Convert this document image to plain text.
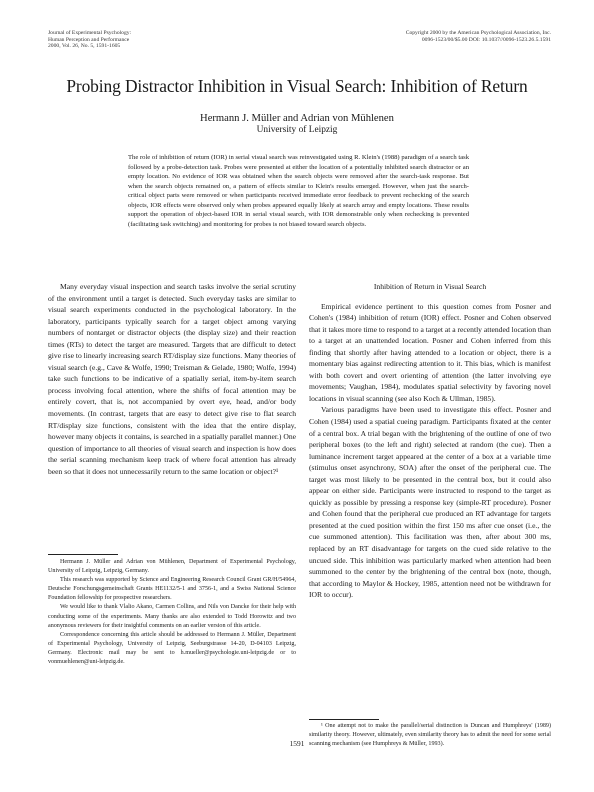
Journal of Experimental Psychology:
Human Perception and Performance
2000, Vol. 26, No. 5, 1591-1605
Copyright 2000 by the American Psychological Association, Inc.
0096-1523/00/$5.00 DOI: 10.1037//0096-1523.26.5.1591
Probing Distractor Inhibition in Visual Search: Inhibition of Return
Hermann J. Müller and Adrian von Mühlenen
University of Leipzig
The role of inhibition of return (IOR) in serial visual search was reinvestigated using R. Klein's (1988) paradigm of a search task followed by a probe-detection task. Probes were presented at either the location of a potentially inhibited search distractor or an empty location. No evidence of IOR was obtained when the search objects were removed after the search-task response. But when the search objects remained on, a pattern of effects similar to Klein's results emerged. However, when just the search-critical object parts were removed or when participants received immediate error feedback to prevent rechecking of the search objects, IOR effects were observed only when probes appeared equally likely at search array and empty locations. These results support the operation of object-based IOR in serial visual search, with IOR demonstrable only when rechecking is prevented (facilitating task switching) and monitoring for probes is not biased toward search objects.

Many everyday visual inspection and search tasks involve the serial scrutiny of the environment until a target is detected. Such everyday tasks are similar to visual search experiments conducted in the psychological laboratory. In the laboratory, participants typically search for a target object among varying numbers of nontarget or distractor objects (the display size) and their reaction times (RTs) to detect the target are measured. Targets that are difficult to detect give rise to linearly increasing search RT/display size functions. Many theories of visual search (e.g., Cave & Wolfe, 1990; Treisman & Gelade, 1980; Wolfe, 1994) take such functions to be indicative of a spatially serial, item-by-item search process involving focal attention, where the shifts of focal attention may be entirely covert, that is, not accompanied by overt eye, head, and/or body movements. (In contrast, targets that are easy to detect give rise to flat search RT/display size functions, consistent with the idea that the entire display, however many objects it contains, is searched in a spatially parallel manner.) One question of importance to all theories of visual search and inspection is how does the serial scanning mechanism keep track of where focal attention has already been so that it does not unnecessarily return to the same location or object?¹

Inhibition of Return in Visual Search

Empirical evidence pertinent to this question comes from Posner and Cohen's (1984) inhibition of return (IOR) effect. Posner and Cohen observed that it takes more time to respond to a target at a recently attended location than to a target at an unattended location. Posner and Cohen inferred from this finding that shortly after having attended to a location or object, there is a momentary bias against redirecting attention to it. This bias, which is manifest with both covert and overt orienting of attention (the latter involving eye movements; Vaughan, 1984), modulates spatial selectivity by favoring novel locations in visual scanning (see also Koch & Ullman, 1985).

Various paradigms have been used to investigate this effect. Posner and Cohen (1984) used a spatial cueing paradigm. Participants fixated at the center of a central box. A trial began with the brightening of the outline of one of two peripheral boxes (to the left and right) selected at random (the cue). Then a luminance increment target appeared at the center of a box at a variable time (stimulus onset asynchrony, SOA) after the onset of the peripheral cue. The target was most likely to be presented in the central box, but it could also appear on either side. Participants were instructed to respond to the target as quickly as possible by pressing a response key (simple-RT procedure). Posner and Cohen found that the peripheral cue produced an RT advantage for targets presented at the cued position within the first 150 ms after cue onset (i.e., the cue summoned attention). This facilitation was then, after about 300 ms, replaced by an RT disadvantage for targets on the cued side relative to the uncued side. This inhibition was particularly marked when attention had been summoned to the center by the brightening of the central box (note, though, that according to Maylor & Hockey, 1985, attention need not be withdrawn for IOR to occur).

Hermann J. Müller and Adrian von Mühlenen, Department of Experimental Psychology, University of Leipzig, Leipzig, Germany.

This research was supported by Science and Engineering Research Council Grant GR/H/54964, Deutsche Forschungsgemeinschaft Grants HE1132/5-1 and 3756-1, and a Swiss National Science Foundation fellowship for prospective researchers.

We would like to thank Vlalio Akano, Carmen Collins, and Nils von Dancke for their help with conducting some of the experiments. Many thanks are also extended to Todd Horowitz and two anonymous reviewers for their insightful comments on an earlier version of this article.

Correspondence concerning this article should be addressed to Hermann J. Müller, Department of Experimental Psychology, University of Leipzig, Seeburgstrasse 14-20, D-04103 Leipzig, Germany. Electronic mail may be sent to h.mueller@psychologie.uni-leipzig.de or to vonmuehlenen@uni-leipzig.de.

¹ One attempt not to make the parallel/serial distinction is Duncan and Humphreys' (1989) similarity theory. However, ultimately, even similarity theory has to admit the need for some serial scanning mechanism (see Humphreys & Müller, 1993).

1591
